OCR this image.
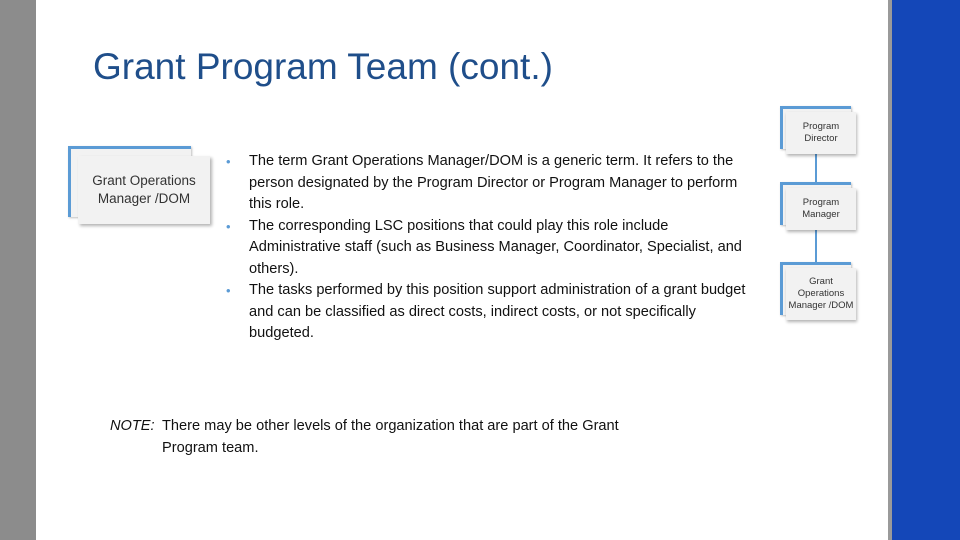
Grant Program Team (cont.)
Grant Operations Manager /DOM
• The term Grant Operations Manager/DOM is a generic term. It refers to the person designated by the Program Director or Program Manager to perform this role.
• The corresponding LSC positions that could play this role include Administrative staff (such as Business Manager, Coordinator, Specialist, and others).
• The tasks performed by this position support administration of a grant budget and can be classified as direct costs, indirect costs, or not specifically budgeted.
NOTE: There may be other levels of the organization that are part of the Grant
Program team.
Program Director
Program Manager
Grant Operations Manager /DOM
